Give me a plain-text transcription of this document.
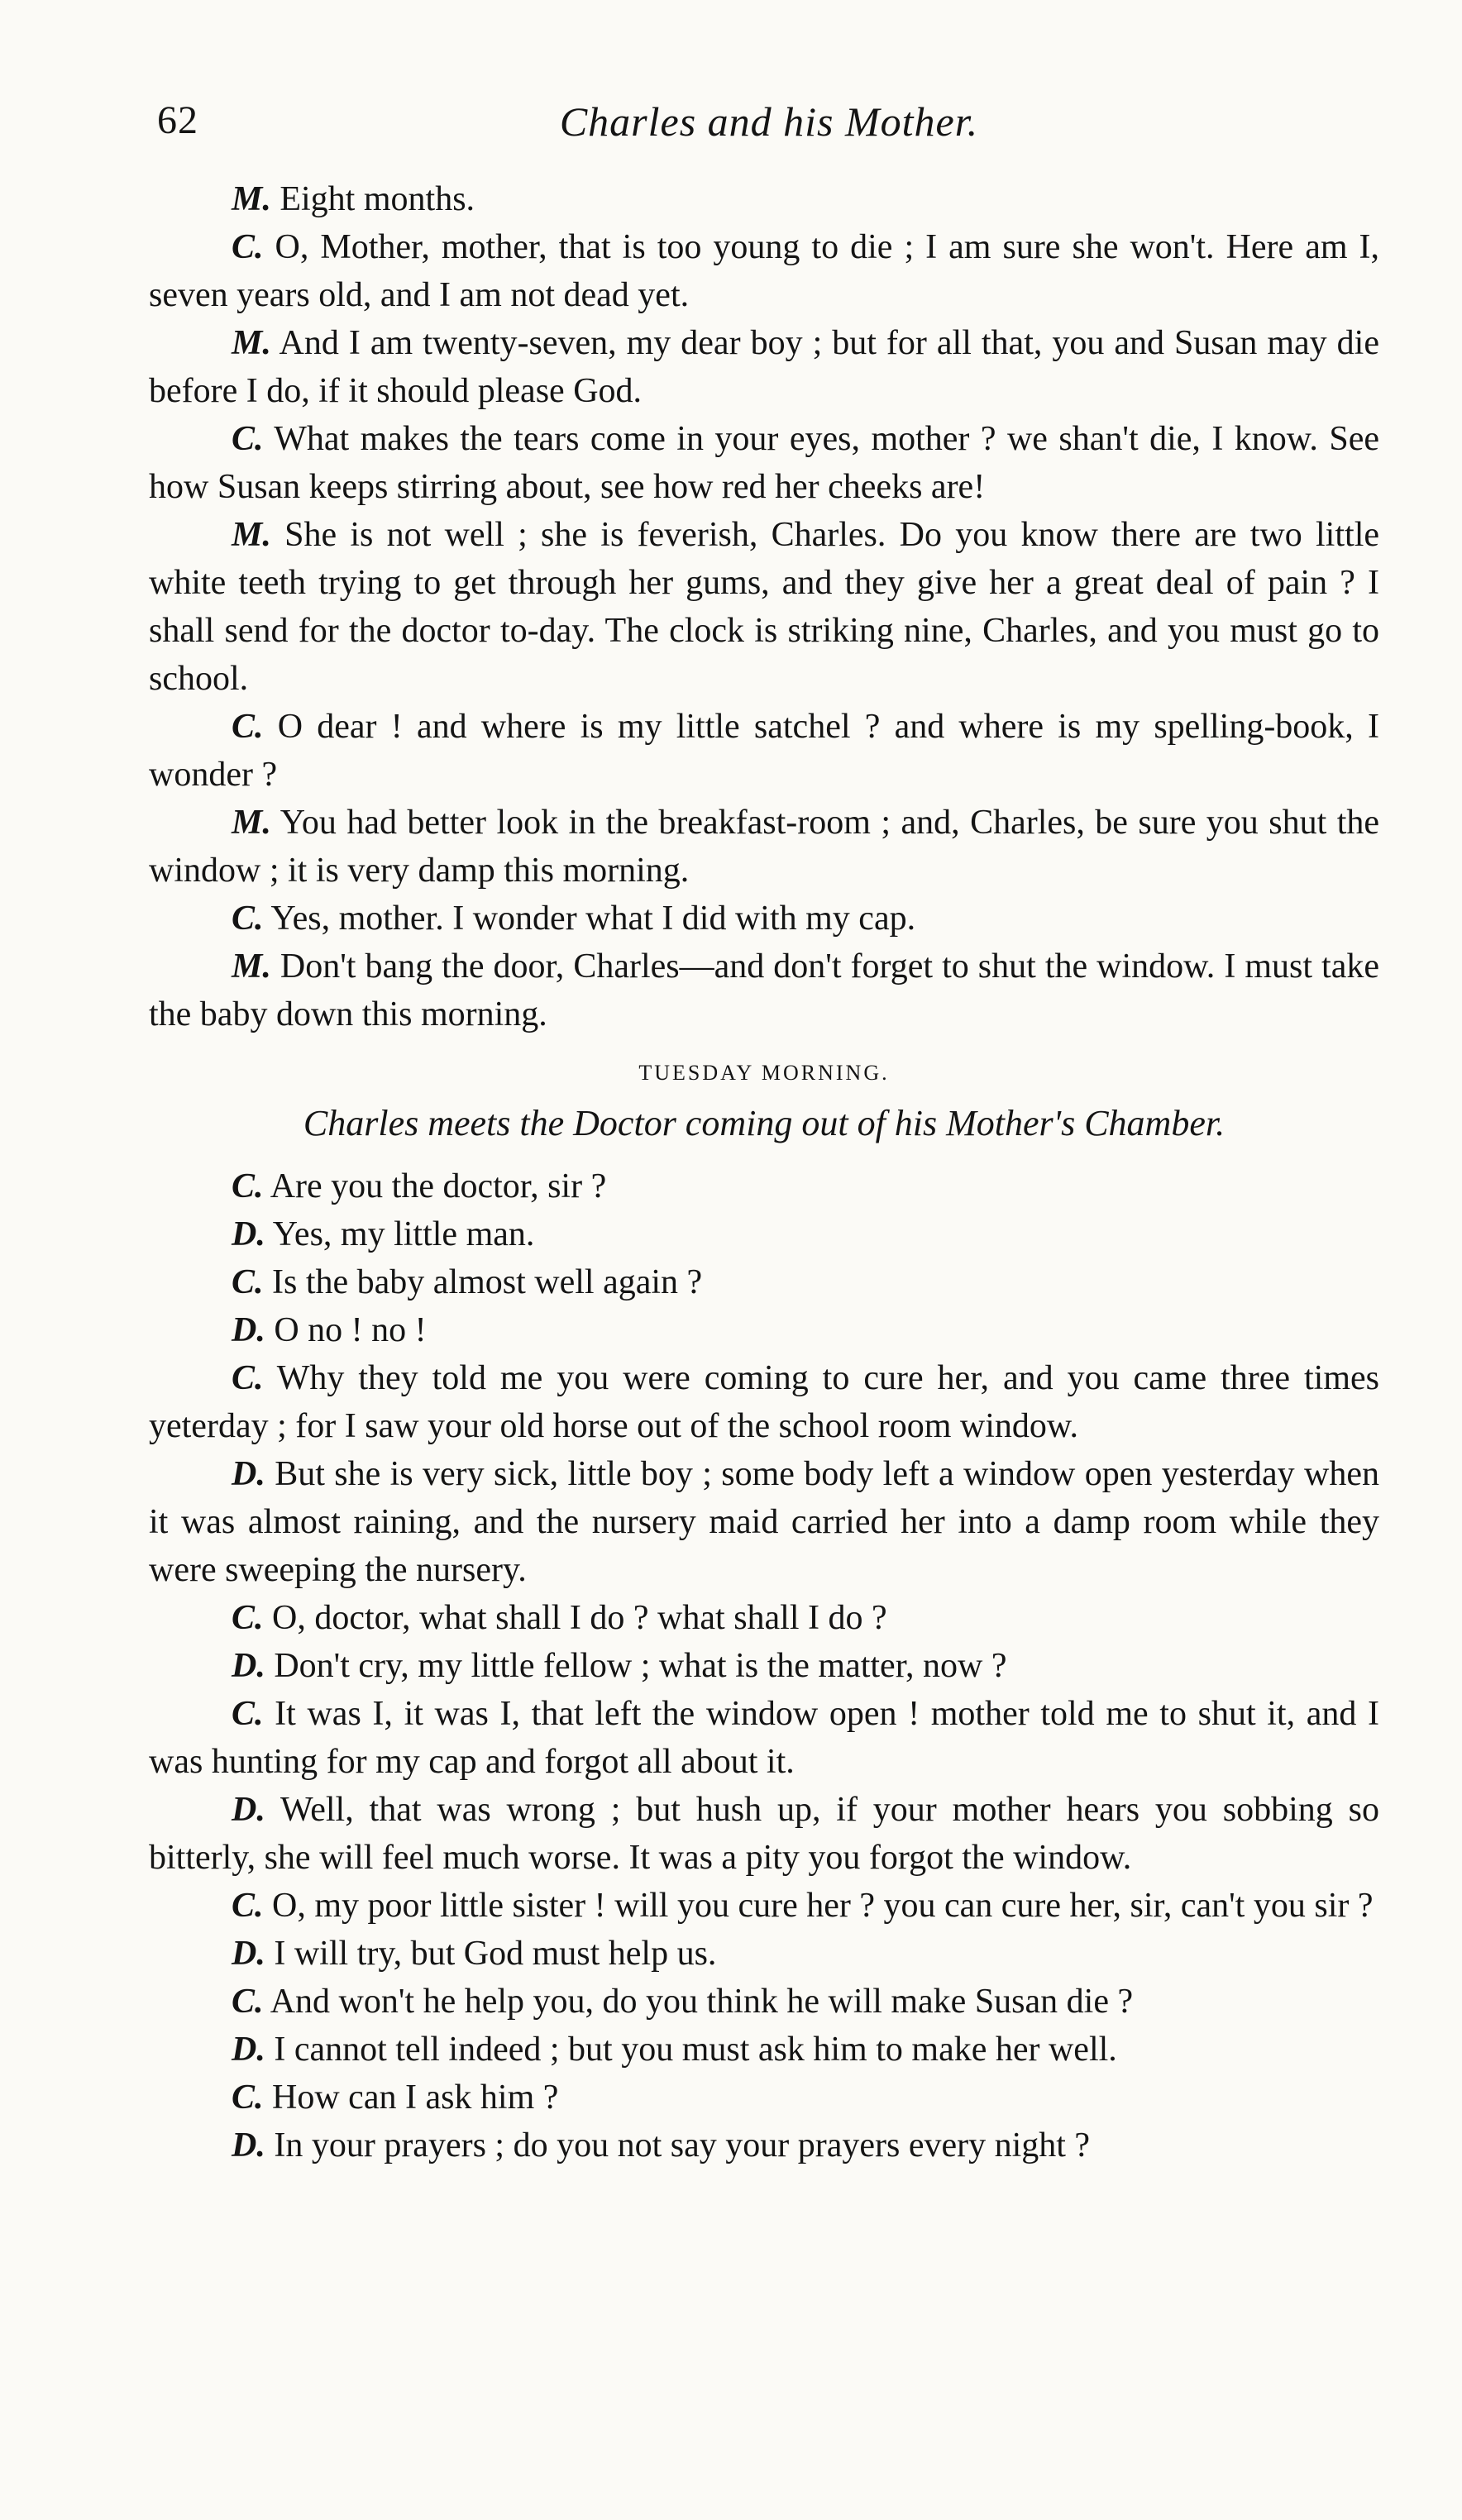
62	Charles and his Mother.

M. Eight months.

C. O, Mother, mother, that is too young to die ; I am sure she won't. Here am I, seven years old, and I am not dead yet.

M. And I am twenty-seven, my dear boy ; but for all that, you and Susan may die before I do, if it should please God.

C. What makes the tears come in your eyes, mother ? we shan't die, I know. See how Susan keeps stirring about, see how red her cheeks are!

M. She is not well ; she is feverish, Charles. Do you know there are two little white teeth trying to get through her gums, and they give her a great deal of pain ? I shall send for the doctor to-day. The clock is striking nine, Charles, and you must go to school.

C. O dear ! and where is my little satchel ? and where is my spelling-book, I wonder ?

M. You had better look in the breakfast-room ; and, Charles, be sure you shut the window ; it is very damp this morning.

C. Yes, mother. I wonder what I did with my cap.

M. Don't bang the door, Charles—and don't forget to shut the window. I must take the baby down this morning.

TUESDAY MORNING.
Charles meets the Doctor coming out of his Mother's Chamber.

C. Are you the doctor, sir ?

D. Yes, my little man.

C. Is the baby almost well again ?

D. O no ! no !

C. Why they told me you were coming to cure her, and you came three times yeterday ; for I saw your old horse out of the school room window.

D. But she is very sick, little boy ; some body left a window open yesterday when it was almost raining, and the nursery maid carried her into a damp room while they were sweeping the nursery.

C. O, doctor, what shall I do ? what shall I do ?

D. Don't cry, my little fellow ; what is the matter, now ?

C. It was I, it was I, that left the window open ! mother told me to shut it, and I was hunting for my cap and forgot all about it.

D. Well, that was wrong ; but hush up, if your mother hears you sobbing so bitterly, she will feel much worse. It was a pity you forgot the window.

C. O, my poor little sister ! will you cure her ? you can cure her, sir, can't you sir ?

D. I will try, but God must help us.

C. And won't he help you, do you think he will make Susan die ?

D. I cannot tell indeed ; but you must ask him to make her well.

C. How can I ask him ?

D. In your prayers ; do you not say your prayers every night ?
